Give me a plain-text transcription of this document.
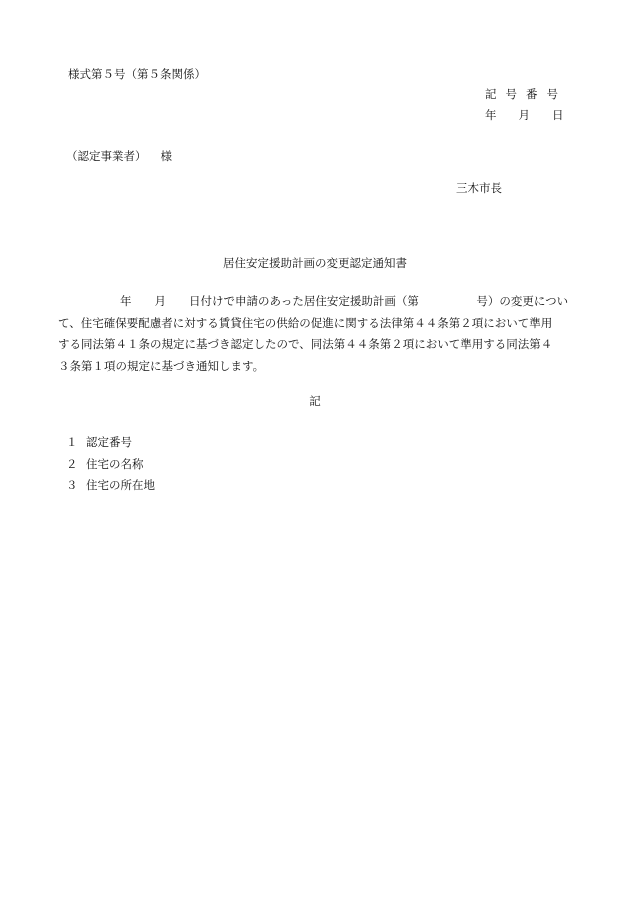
様式第５号（第５条関係）
記号番号
年 月 日
（認定事業者） 様
三木市長
居住安定援助計画の変更認定通知書
年　　月　　日付けで申請のあった居住安定援助計画（第　　　　　号）の変更につい
て、住宅確保要配慮者に対する賃貸住宅の供給の促進に関する法律第４４条第２項において準用
する同法第４１条の規定に基づき認定したので、同法第４４条第２項において準用する同法第４
３条第１項の規定に基づき通知します。
記
１ 認定番号
２ 住宅の名称
３ 住宅の所在地
